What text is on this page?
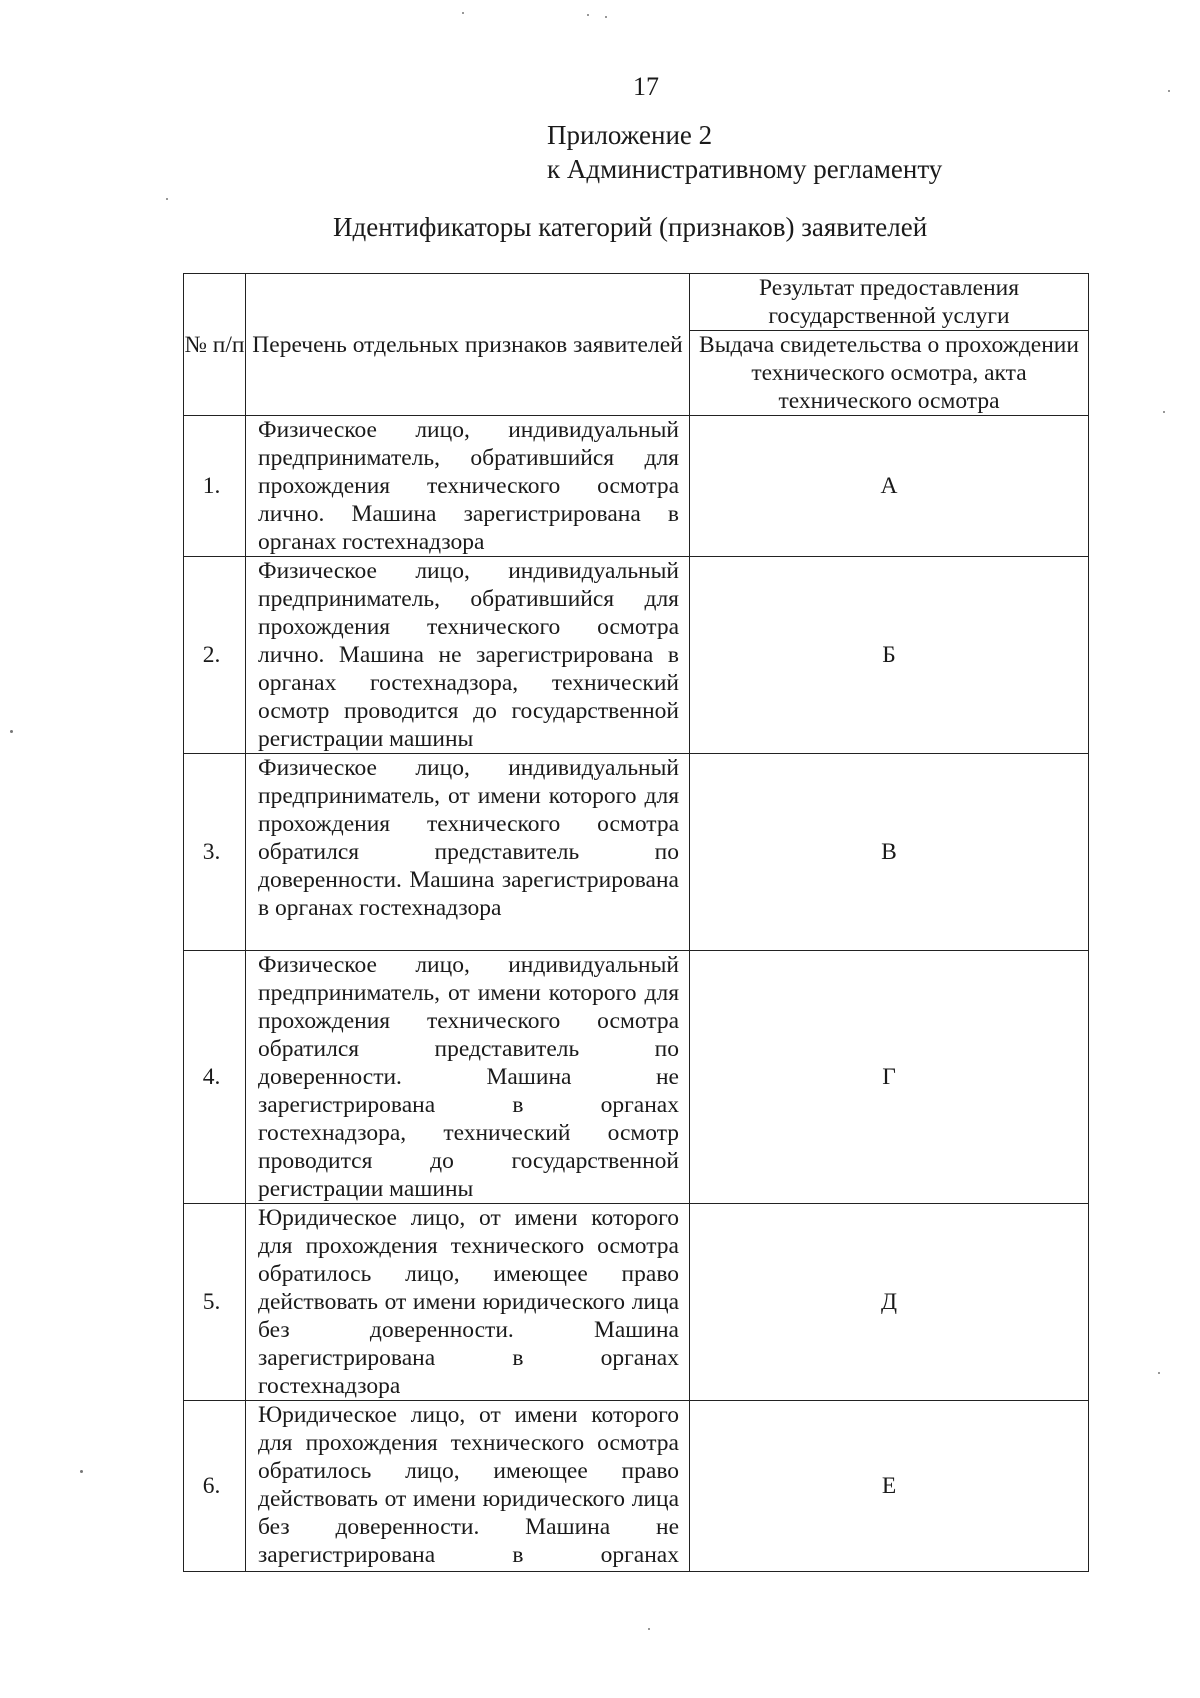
17
Приложение 2
к Административному регламенту
Идентификаторы категорий (признаков) заявителей
№ п/п	Перечень отдельных признаков заявителей	Результат предоставления государственной услуги
		Выдача свидетельства о прохождении технического осмотра, акта технического осмотра
1.	Физическое лицо, индивидуальный предприниматель, обратившийся для прохождения технического осмотра лично. Машина зарегистрирована в органах гостехнадзора	А
2.	Физическое лицо, индивидуальный предприниматель, обратившийся для прохождения технического осмотра лично. Машина не зарегистрирована в органах гостехнадзора, технический осмотр проводится до государственной регистрации машины	Б
3.	Физическое лицо, индивидуальный предприниматель, от имени которого для прохождения технического осмотра обратился представитель по доверенности. Машина зарегистрирована в органах гостехнадзора	В
4.	Физическое лицо, индивидуальный предприниматель, от имени которого для прохождения технического осмотра обратился представитель по доверенности. Машина не зарегистрирована в органах гостехнадзора, технический осмотр проводится до государственной регистрации машины	Г
5.	Юридическое лицо, от имени которого для прохождения технического осмотра обратилось лицо, имеющее право действовать от имени юридического лица без доверенности. Машина зарегистрирована в органах гостехнадзора	Д
6.	Юридическое лицо, от имени которого для прохождения технического осмотра обратилось лицо, имеющее право действовать от имени юридического лица без доверенности. Машина не зарегистрирована в органах	Е
